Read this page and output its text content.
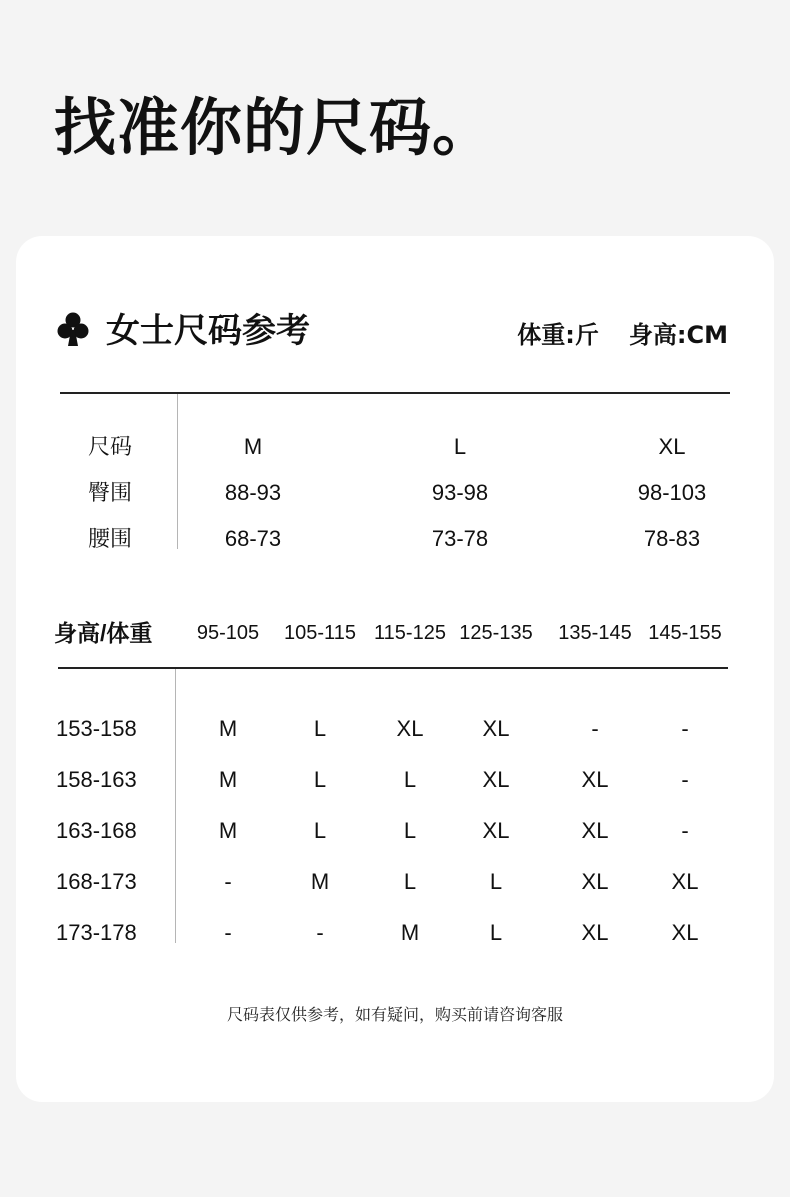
找准你的尺码。
女士尺码参考	体重:斤 身高:CM
尺码	M	L	XL
臀围	88-93	93-98	98-103
腰围	68-73	73-78	78-83
身高/体重	95-105	105-115 115-125 125-135	135-145 145-155
153-158	M	L	XL	XL	-	-
158-163	M	L	L	XL	XL	-
163-168	M	L	L	XL	XL	-
168-173	-	M	L	L	XL	XL
173-178	-	-	M	L	XL	XL
尺码表仅供参考，如有疑问，购买前请咨询客服
